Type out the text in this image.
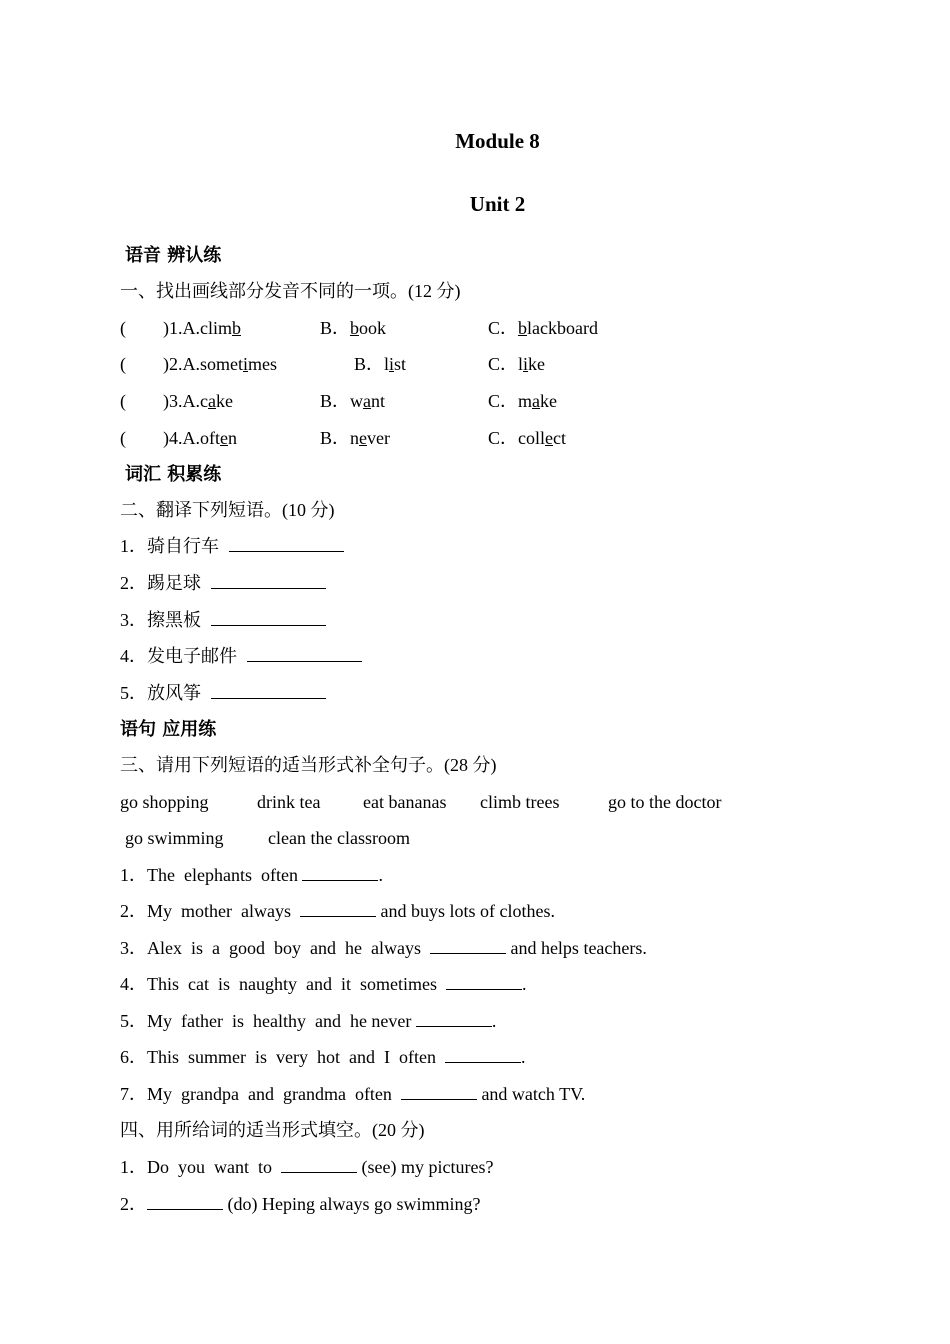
Module 8
Unit 2
语音 辨认练
一、找出画线部分发音不同的一项。(12 分)
( )1.A.climb	B．book	C．blackboard
( )2.A.sometimes	B．list	C．like
( )3.A.cake	B．want	C．make
( )4.A.often	B．never	C．collect
词汇 积累练
二、翻译下列短语。(10 分)
1．骑自行车
2．踢足球
3．擦黑板
4．发电子邮件
5．放风筝
语句 应用练
三、请用下列短语的适当形式补全句子。(28 分)
go shopping	drink tea eat bananas climb trees	go to the doctor
go swimming clean the classroom
1．The  elephants  often	.
2．My  mother  always	and buys lots of clothes.
3．Alex  is  a  good  boy  and  he  always	and helps teachers.
4．This  cat  is  naughty  and  it  sometimes	.
5．My  father  is  healthy  and  he never	.
6．This  summer  is  very  hot  and  I  often	.
7．My  grandpa  and  grandma  often	and watch TV.
四、用所给词的适当形式填空。(20 分)
1．Do  you  want  to	(see) my pictures?
2．	(do) Heping always go swimming?
